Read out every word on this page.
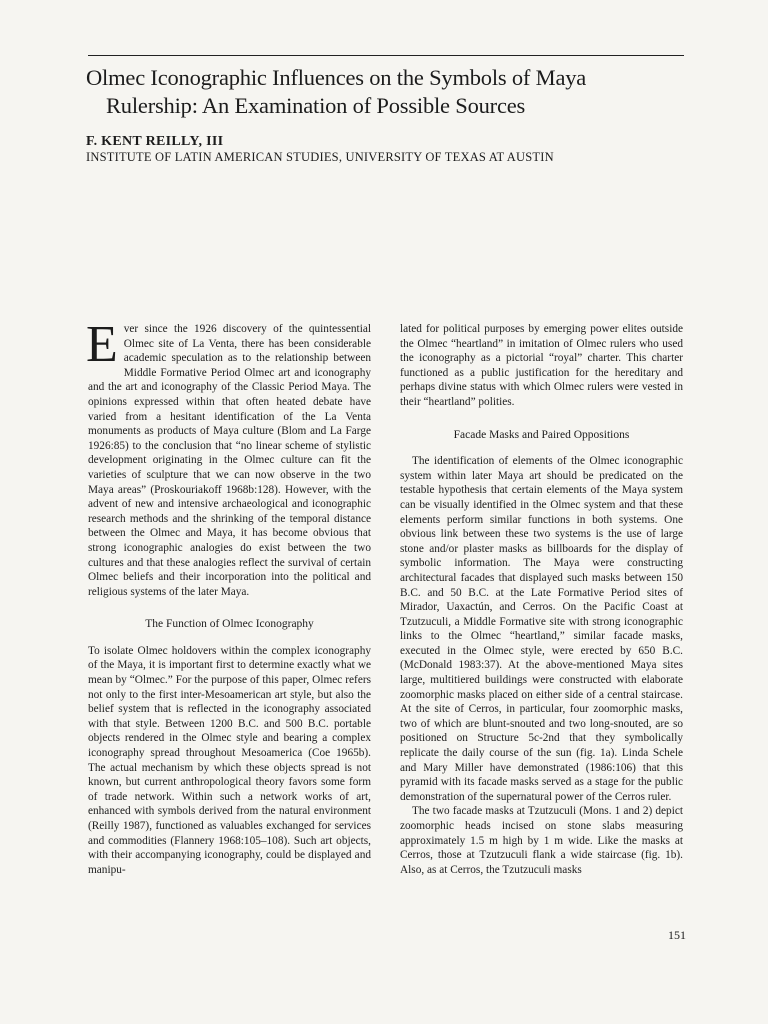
Olmec Iconographic Influences on the Symbols of Maya
Rulership: An Examination of Possible Sources
F. KENT REILLY, III
INSTITUTE OF LATIN AMERICAN STUDIES, UNIVERSITY OF TEXAS AT AUSTIN

Ever since the 1926 discovery of the quintessential Olmec site of La Venta, there has been considerable academic speculation as to the relationship between Middle Formative Period Olmec art and iconography and the art and iconography of the Classic Period Maya. The opinions expressed within that often heated debate have varied from a hesitant identification of the La Venta monuments as products of Maya culture (Blom and La Farge 1926:85) to the conclusion that “no linear scheme of stylistic development originating in the Olmec culture can fit the varieties of sculpture that we can now observe in the two Maya areas” (Proskouriakoff 1968b:128). However, with the advent of new and intensive archaeological and iconographic research methods and the shrinking of the temporal distance between the Olmec and Maya, it has become obvious that strong iconographic analogies do exist between the two cultures and that these analogies reflect the survival of certain Olmec beliefs and their incorporation into the political and religious systems of the later Maya.

The Function of Olmec Iconography

To isolate Olmec holdovers within the complex iconography of the Maya, it is important first to determine exactly what we mean by “Olmec.” For the purpose of this paper, Olmec refers not only to the first inter-Mesoamerican art style, but also the belief system that is reflected in the iconography associated with that style. Between 1200 B.C. and 500 B.C. portable objects rendered in the Olmec style and bearing a complex iconography spread throughout Mesoamerica (Coe 1965b). The actual mechanism by which these objects spread is not known, but current anthropological theory favors some form of trade network. Within such a network works of art, enhanced with symbols derived from the natural environment (Reilly 1987), functioned as valuables exchanged for services and commodities (Flannery 1968:105–108). Such art objects, with their accompanying iconography, could be displayed and manipu-

lated for political purposes by emerging power elites outside the Olmec “heartland” in imitation of Olmec rulers who used the iconography as a pictorial “royal” charter. This charter functioned as a public justification for the hereditary and perhaps divine status with which Olmec rulers were vested in their “heartland” polities.

Facade Masks and Paired Oppositions

The identification of elements of the Olmec iconographic system within later Maya art should be predicated on the testable hypothesis that certain elements of the Maya system can be visually identified in the Olmec system and that these elements perform similar functions in both systems. One obvious link between these two systems is the use of large stone and/or plaster masks as billboards for the display of symbolic information. The Maya were constructing architectural facades that displayed such masks between 150 B.C. and 50 B.C. at the Late Formative Period sites of Mirador, Uaxactún, and Cerros. On the Pacific Coast at Tzutzuculi, a Middle Formative site with strong iconographic links to the Olmec “heartland,” similar facade masks, executed in the Olmec style, were erected by 650 B.C. (McDonald 1983:37). At the above-mentioned Maya sites large, multitiered buildings were constructed with elaborate zoomorphic masks placed on either side of a central staircase. At the site of Cerros, in particular, four zoomorphic masks, two of which are blunt-snouted and two long-snouted, are so positioned on Structure 5c-2nd that they symbolically replicate the daily course of the sun (fig. 1a). Linda Schele and Mary Miller have demonstrated (1986:106) that this pyramid with its facade masks served as a stage for the public demonstration of the supernatural power of the Cerros ruler.

The two facade masks at Tzutzuculi (Mons. 1 and 2) depict zoomorphic heads incised on stone slabs measuring approximately 1.5 m high by 1 m wide. Like the masks at Cerros, those at Tzutzuculi flank a wide staircase (fig. 1b). Also, as at Cerros, the Tzutzuculi masks

151
